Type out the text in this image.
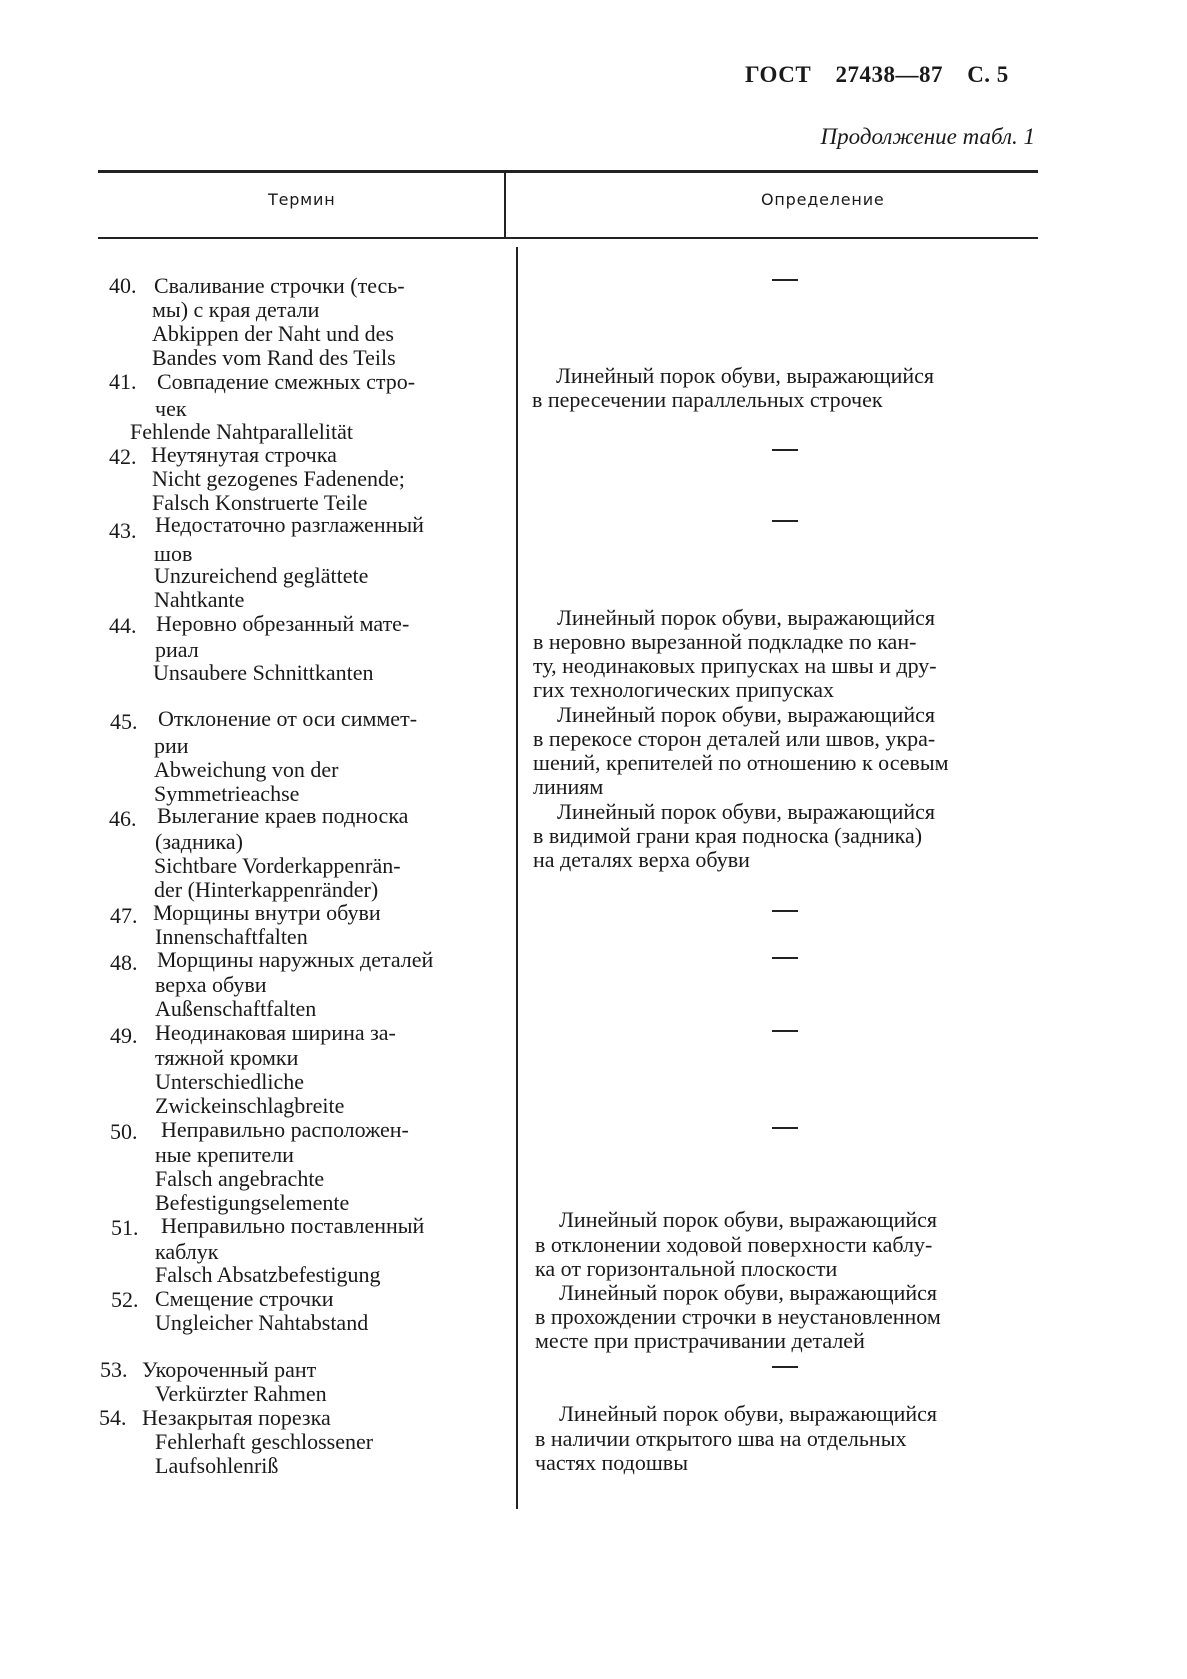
ГОСТ 27438—87 С. 5
Продолжение табл. 1
Термин	Определение
40. Сваливание строчки (тесь-
мы) с края детали
Abkippen der Naht und des
Bandes vom Rand des Teils
41. Совпадение смежных стро-
чек
Fehlende Nahtparallelität
42. Неутянутая строчка
Nicht gezogenes Fadenende;
Falsch Konstruerte Teile
43. Недостаточно разглаженный
шов
Unzureichend geglättete
Nahtkante
44. Неровно обрезанный мате-
риал
Unsaubere Schnittkanten
45. Отклонение от оси симмет-
рии
Abweichung von der
Symmetrieachse
46. Вылегание краев подноска
(задника)
Sichtbare Vorderkappenrän-
der (Hinterkappenränder)
47. Морщины внутри обуви
Innenschaftfalten
48. Морщины наружных деталей
верха обуви
Außenschaftfalten
49. Неодинаковая ширина за-
тяжной кромки
Unterschiedliche
Zwickeinschlagbreite
50. Неправильно расположен-
ные крепители
Falsch angebrachte
Befestigungselemente
51. Неправильно поставленный
каблук
Falsch Absatzbefestigung
52. Смещение строчки
Ungleicher Nahtabstand
53. Укороченный рант
Verkürzter Rahmen
54. Незакрытая порезка
Fehlerhaft geschlossener
Laufsohlenriß
Линейный порок обуви, выражающийся
в пересечении параллельных строчек
Линейный порок обуви, выражающийся
в неровно вырезанной подкладке по кан-
ту, неодинаковых припусках на швы и дру-
гих технологических припусках
Линейный порок обуви, выражающийся
в перекосе сторон деталей или швов, укра-
шений, крепителей по отношению к осевым
линиям
Линейный порок обуви, выражающийся
в видимой грани края подноска (задника)
на деталях верха обуви
Линейный порок обуви, выражающийся
в отклонении ходовой поверхности каблу-
ка от горизонтальной плоскости
Линейный порок обуви, выражающийся
в прохождении строчки в неустановленном
месте при пристрачивании деталей
Линейный порок обуви, выражающийся
в наличии открытого шва на отдельных
частях подошвы
